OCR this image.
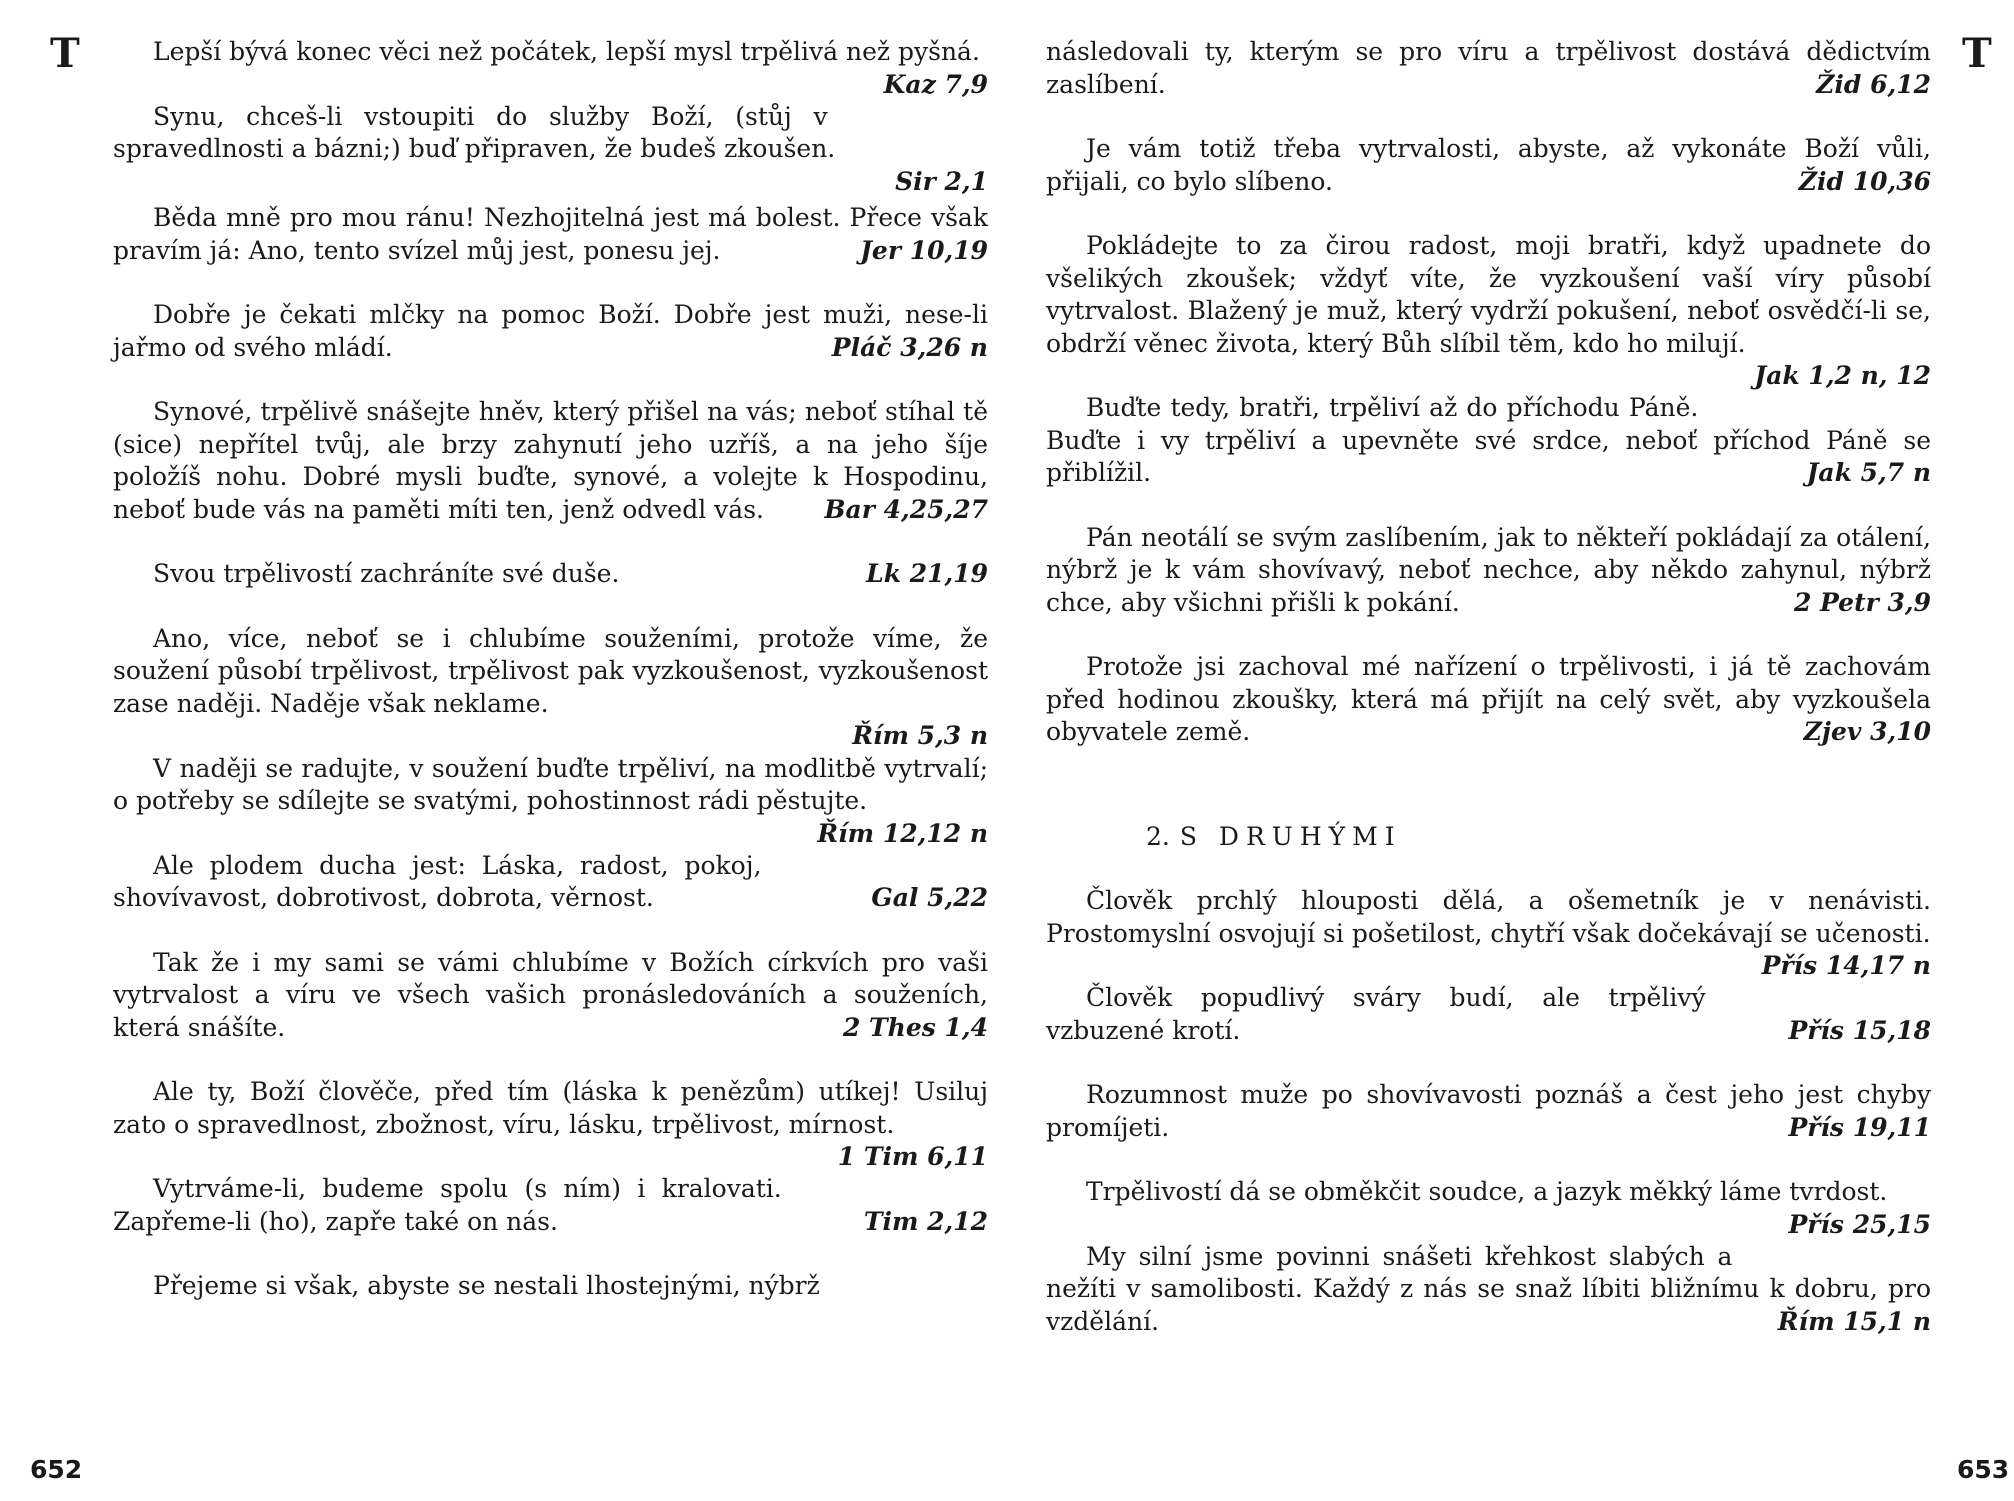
T	Lepší bývá konec věci než počátek, lepší mysl trpělivá než pyšná.
Kaz 7,9
Synu, chceš-li vstoupiti do služby Boží, (stůj v spravedlnosti a bázni;) buď připraven, že budeš zkoušen.
Sir 2,1
Běda mně pro mou ránu! Nezhojitelná jest má bolest. Přece však pravím já: Ano, tento svízel můj jest, ponesu jej.	Jer 10,19
Dobře je čekati mlčky na pomoc Boží. Dobře jest muži, nese-li jařmo od svého mládí.	Pláč 3,26 n
Synové, trpělivě snášejte hněv, který přišel na vás; neboť stíhal tě (sice) nepřítel tvůj, ale brzy zahynutí jeho uzříš, a na jeho šíje položíš nohu. Dobré mysli buďte, synové, a volejte k Hospodinu, neboť bude vás na paměti míti ten, jenž odvedl vás.	Bar 4,25,27
Svou trpělivostí zachráníte své duše.	Lk 21,19
Ano, více, neboť se i chlubíme souženími, protože víme, že soužení působí trpělivost, trpělivost pak vyzkoušenost, vyzkoušenost zase naději. Naděje však neklame.
Řím 5,3 n
V naději se radujte, v soužení buďte trpěliví, na modlitbě vytrvalí; o potřeby se sdílejte se svatými, pohostinnost rádi pěstujte.
Řím 12,12 n
Ale plodem ducha jest: Láska, radost, pokoj, shovívavost, dobrotivost, dobrota, věrnost.	Gal 5,22
Tak že i my sami se vámi chlubíme v Božích církvích pro vaši vytrvalost a víru ve všech vašich pronásledováních a souženích, která snášíte.	2 Thes 1,4
Ale ty, Boží člověče, před tím (láska k penězům) utíkej! Usiluj zato o spravedlnost, zbožnost, víru, lásku, trpělivost, mírnost.
1 Tim 6,11
Vytrváme-li, budeme spolu (s ním) i kralovati. Zapřeme-li (ho), zapře také on nás.	Tim 2,12
Přejeme si však, abyste se nestali lhostejnými, nýbrž
652
T
následovali ty, kterým se pro víru a trpělivost dostává dědictvím zaslíbení.	Žid 6,12
Je vám totiž třeba vytrvalosti, abyste, až vykonáte Boží vůli, přijali, co bylo slíbeno.	Žid 10,36
Pokládejte to za čirou radost, moji bratři, když upadnete do všelikých zkoušek; vždyť víte, že vyzkoušení vaší víry působí vytrvalost. Blažený je muž, který vydrží pokušení, neboť osvědčí-li se, obdrží věnec života, který Bůh slíbil těm, kdo ho milují.
Jak 1,2 n, 12
Buďte tedy, bratři, trpěliví až do příchodu Páně. Buďte i vy trpěliví a upevněte své srdce, neboť příchod Páně se přiblížil.	Jak 5,7 n
Pán neotálí se svým zaslíbením, jak to někteří pokládají za otálení, nýbrž je k vám shovívavý, neboť nechce, aby někdo zahynul, nýbrž chce, aby všichni přišli k pokání.	2 Petr 3,9
Protože jsi zachoval mé nařízení o trpělivosti, i já tě zachovám před hodinou zkoušky, která má přijít na celý svět, aby vyzkoušela obyvatele země.	Zjev 3,10
2. S DRUHÝMI
Člověk prchlý hlouposti dělá, a ošemetník je v nenávisti. Prostomyslní osvojují si pošetilost, chytří však dočekávají se učenosti.
Přís 14,17 n
Člověk popudlivý sváry budí, ale trpělivý vzbuzené krotí.	Přís 15,18
Rozumnost muže po shovívavosti poznáš a čest jeho jest chyby promíjeti.	Přís 19,11
Trpělivostí dá se obměkčit soudce, a jazyk měkký láme tvrdost.
Přís 25,15
My silní jsme povinni snášeti křehkost slabých a nežíti v samolibosti. Každý z nás se snaž líbiti bližnímu k dobru, pro vzdělání.	Řím 15,1 n
653
